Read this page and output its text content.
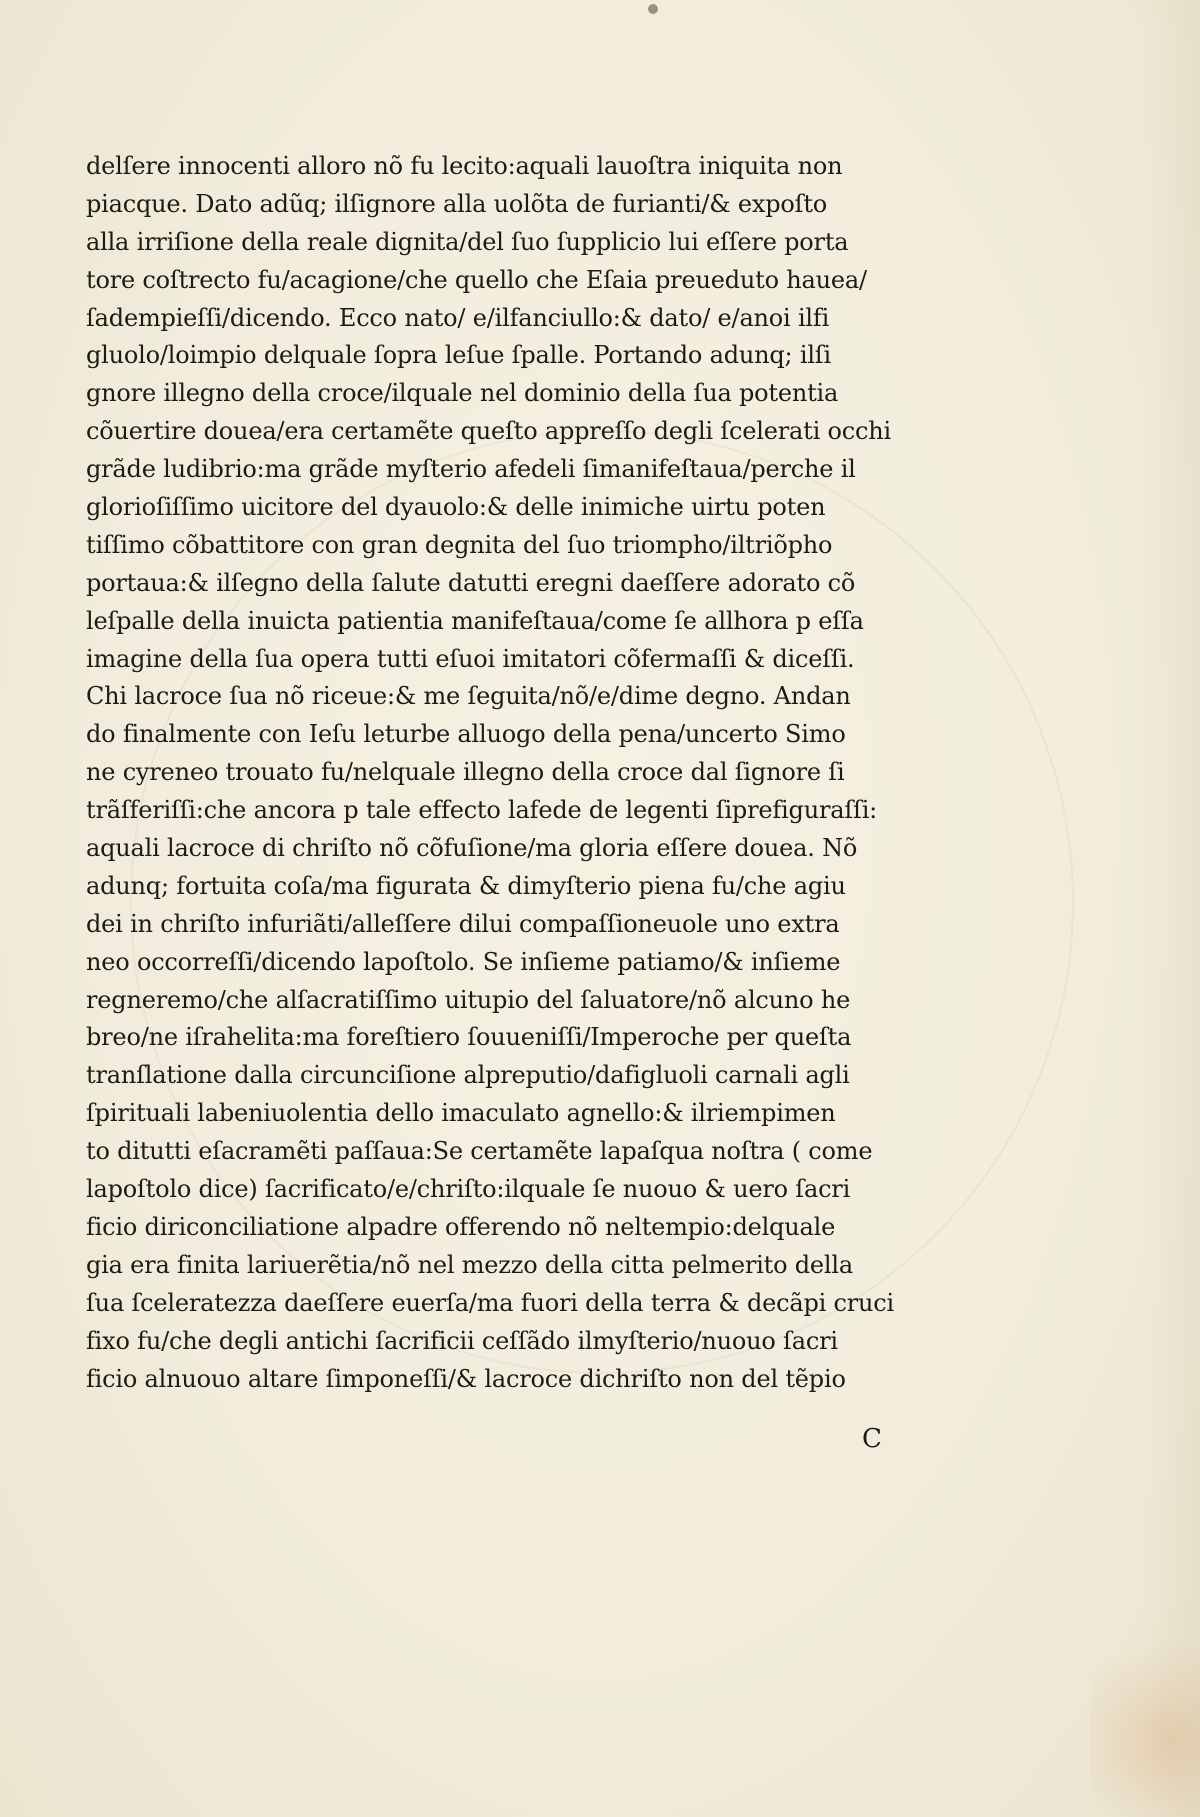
delſere innocenti alloro nõ fu lecito:aquali lauoſtra iniquita non
piacque. Dato adũq; ilſignore alla uolõta de furianti/& expoſto
alla irriſione della reale dignita/del ſuo ſupplicio lui eſſere porta
tore coſtrecto fu/acagione/che quello che Eſaia preueduto hauea/
ſadempieſſi/dicendo. Ecco nato/ e/ilfanciullo:& dato/ e/anoi ilfi
gluolo/loimpio delquale ſopra leſue ſpalle. Portando adunq; ilſi
gnore illegno della croce/ilquale nel dominio della ſua potentia
cõuertire douea/era certamẽte queſto appreſſo degli ſcelerati occhi
grãde ludibrio:ma grãde myſterio afedeli ſimanifeſtaua/perche il
glorioſiſſimo uicitore del dyauolo:& delle inimiche uirtu poten
tiſſimo cõbattitore con gran degnita del ſuo triompho/iltriõpho
portaua:& ilſegno della ſalute datutti eregni daeſſere adorato cõ
leſpalle della inuicta patientia manifeſtaua/come ſe allhora p eſſa
imagine della ſua opera tutti eſuoi imitatori cõfermaſſi & diceſſi.
Chi lacroce ſua nõ riceue:& me ſeguita/nõ/e/dime degno. Andan
do finalmente con Ieſu leturbe alluogo della pena/uncerto Simo
ne cyreneo trouato fu/nelquale illegno della croce dal ſignore ſi
trãſferiſſi:che ancora p tale effecto lafede de legenti ſiprefiguraſſi:
aquali lacroce di chriſto nõ cõfuſione/ma gloria eſſere douea. Nõ
adunq; fortuita coſa/ma figurata & dimyſterio piena fu/che agiu
dei in chriſto infuriãti/alleſſere dilui compaſſioneuole uno extra
neo occorreſſi/dicendo lapoſtolo. Se inſieme patiamo/& inſieme
regneremo/che alſacratiſſimo uitupio del ſaluatore/nõ alcuno he
breo/ne iſrahelita:ma foreſtiero ſouueniſſi/Imperoche per queſta
tranſlatione dalla circunciſione alpreputio/dafigluoli carnali agli
ſpirituali labeniuolentia dello imaculato agnello:& ilriempimen
to ditutti eſacramẽti paſſaua:Se certamẽte lapaſqua noſtra ( come
lapoſtolo dice) ſacrificato/e/chriſto:ilquale ſe nuouo & uero ſacri
ficio diriconciliatione alpadre offerendo nõ neltempio:delquale
gia era finita lariuerẽtia/nõ nel mezzo della citta pelmerito della
ſua ſceleratezza daeſſere euerſa/ma fuori della terra & decãpi cruci
fixo fu/che degli antichi ſacrificii ceſſãdo ilmyſterio/nuouo ſacri
ficio alnuouo altare ſimponeſſi/& lacroce dichriſto non del tẽpio
C
